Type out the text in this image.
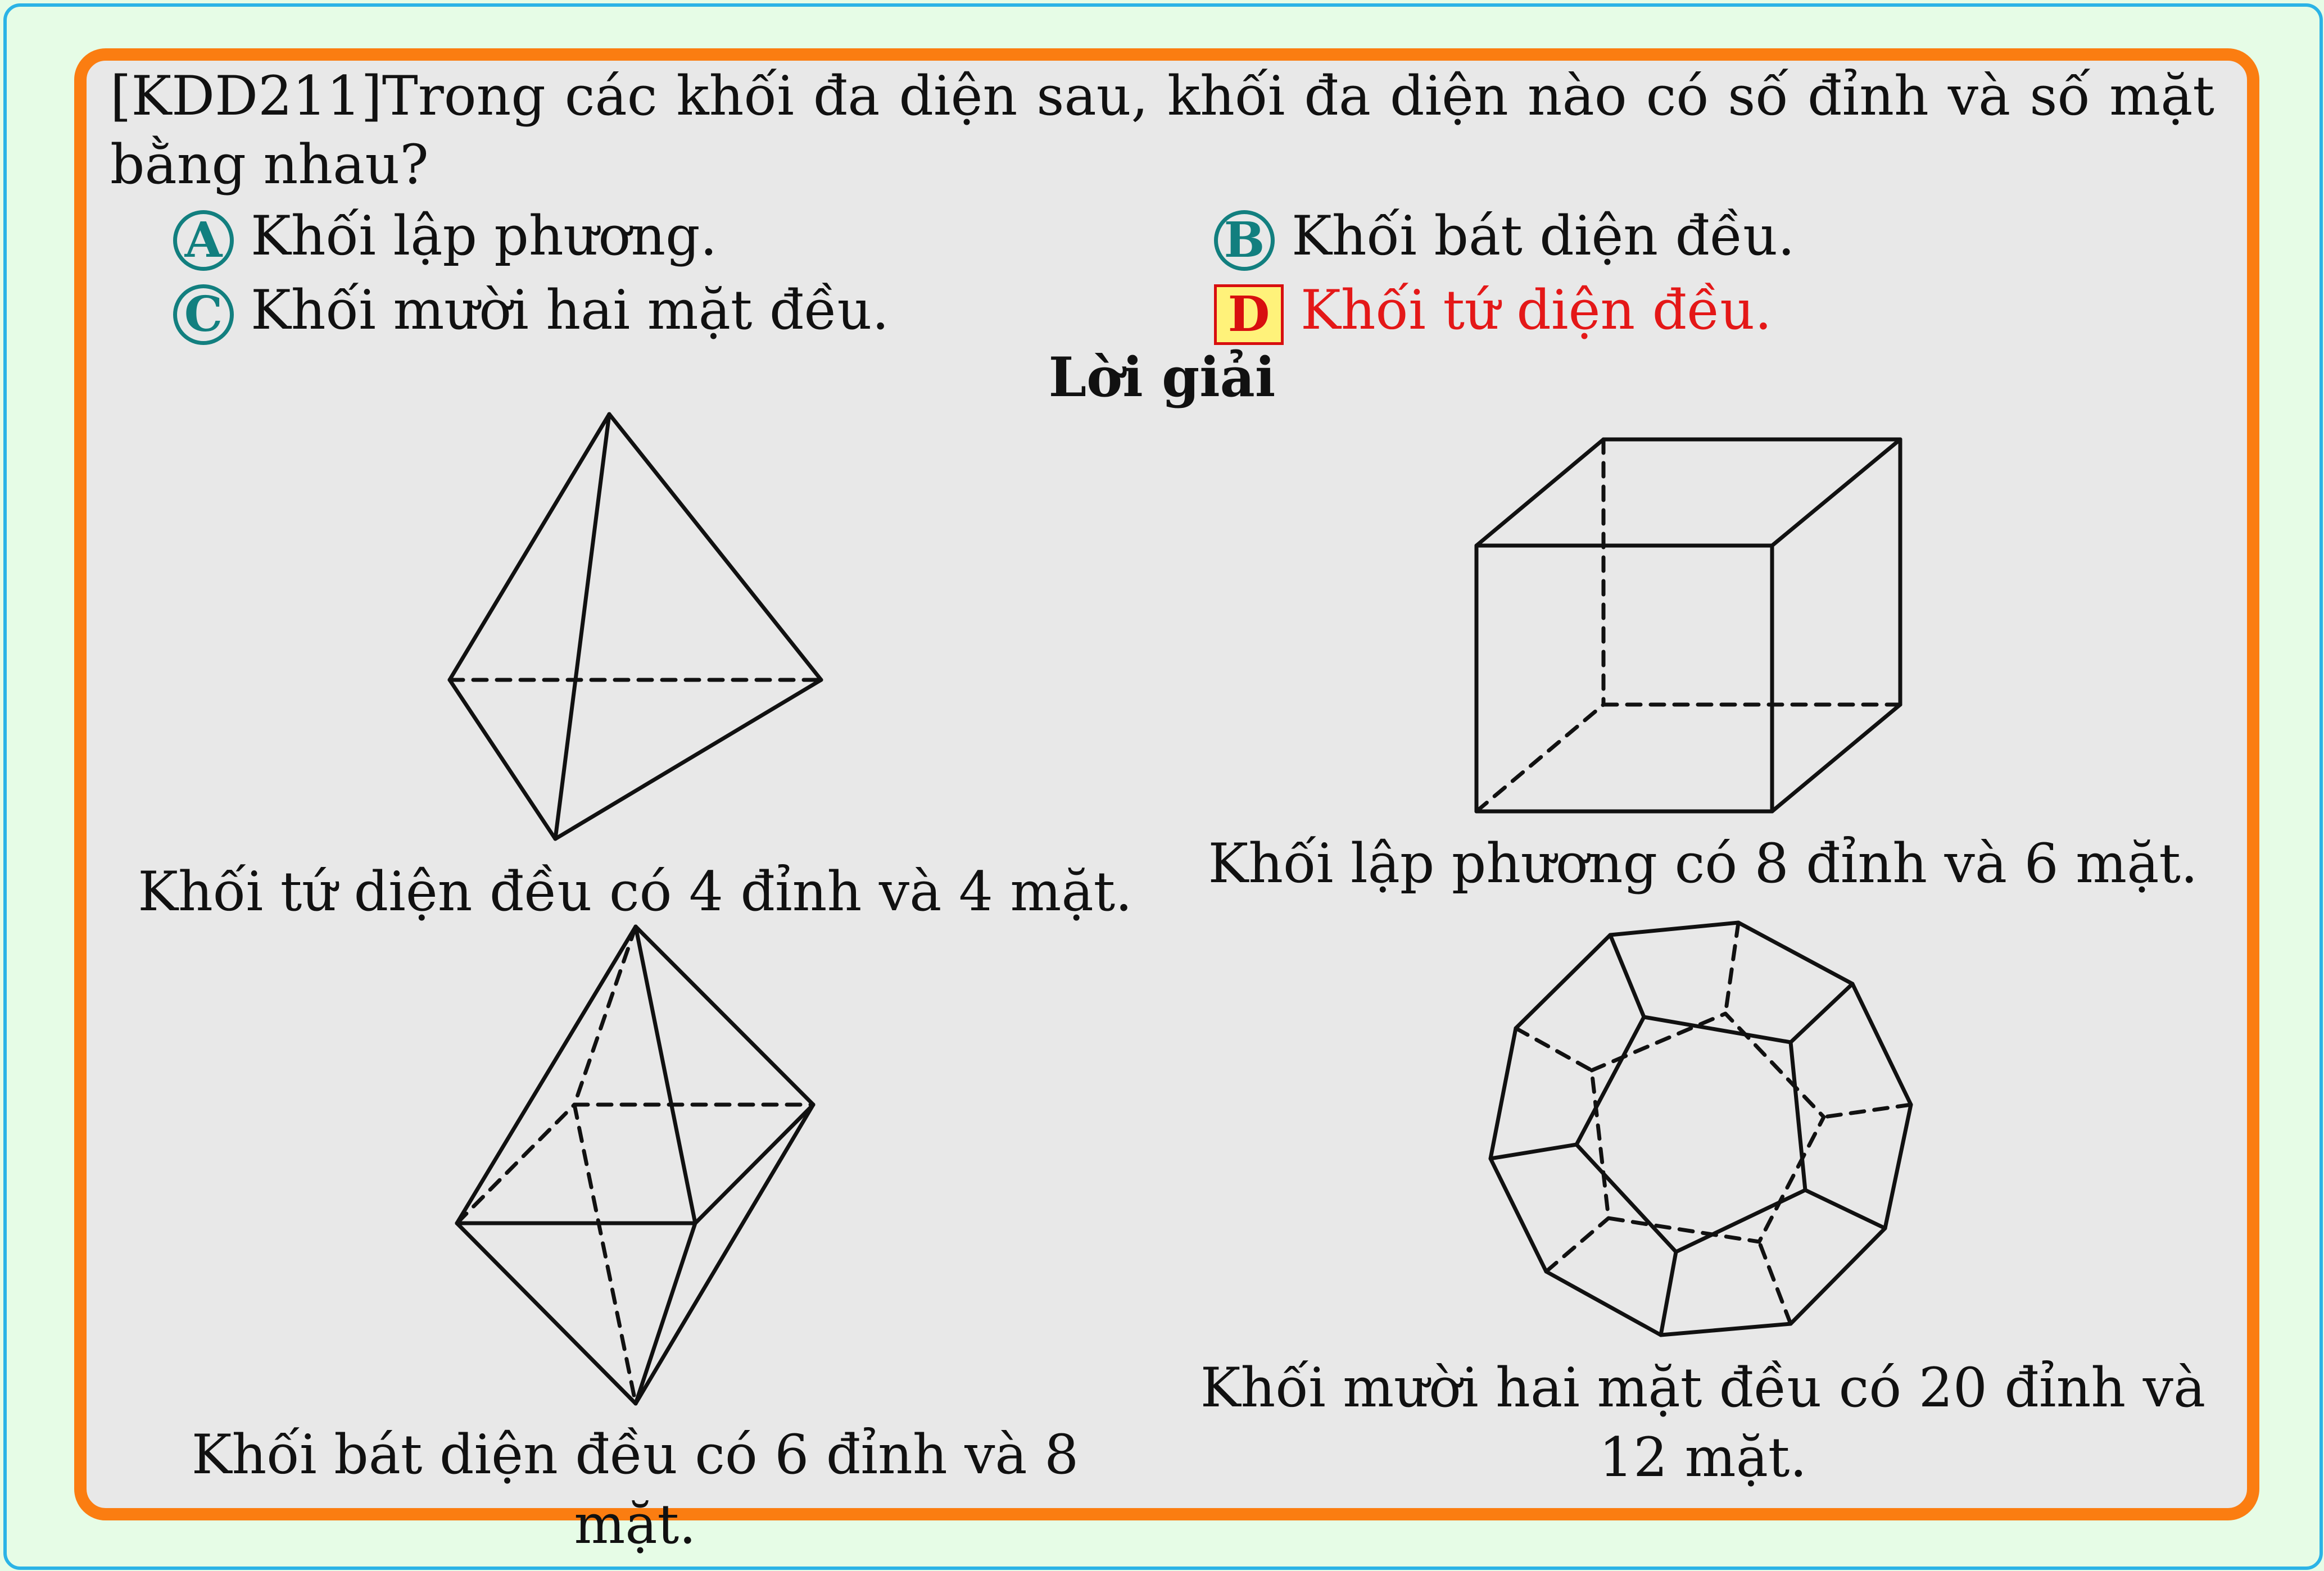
[KDD211]Trong các khối đa diện sau, khối đa diện nào có số đỉnh và số mặt bằng nhau?
A Khối lập phương.	B Khối bát diện đều.
C Khối mười hai mặt đều.	D Khối tứ diện đều.
Lời giải
Khối tứ diện đều có 4 đỉnh và 4 mặt. Khối lập phương có 8 đỉnh và 6 mặt.
Khối bát diện đều có 6 đỉnh và 8 mặt.
Khối mười hai mặt đều có 20 đỉnh và 12 mặt.
